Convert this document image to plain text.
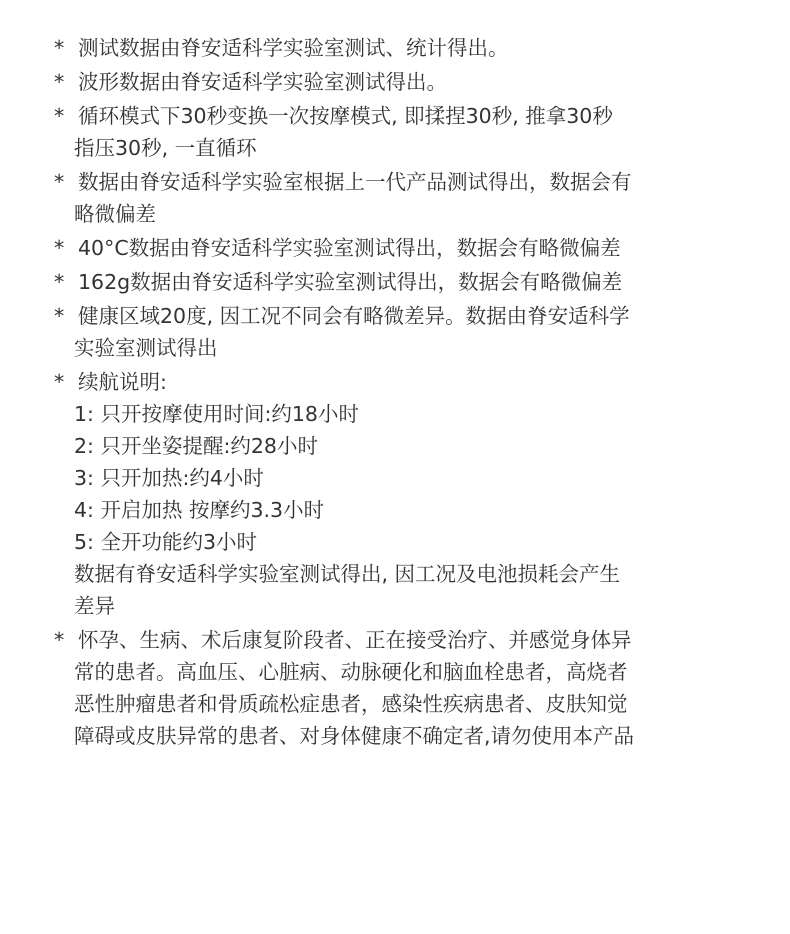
* 测试数据由脊安适科学实验室测试、统计得出。
* 波形数据由脊安适科学实验室测试得出。
* 循环模式下30秒变换一次按摩模式, 即揉捏30秒, 推拿30秒
指压30秒, 一直循环
* 数据由脊安适科学实验室根据上一代产品测试得出，数据会有
略微偏差
* 40°C数据由脊安适科学实验室测试得出，数据会有略微偏差
* 162g数据由脊安适科学实验室测试得出，数据会有略微偏差
* 健康区域20度, 因工况不同会有略微差异。数据由脊安适科学
实验室测试得出
* 续航说明:
1: 只开按摩使用时间:约18小时
2: 只开坐姿提醒:约28小时
3: 只开加热:约4小时
4: 开启加热 按摩约3.3小时
5: 全开功能约3小时
数据有脊安适科学实验室测试得出, 因工况及电池损耗会产生
差异
* 怀孕、生病、术后康复阶段者、正在接受治疗、并感觉身体异
常的患者。高血压、心脏病、动脉硬化和脑血栓患者，高烧者
恶性肿瘤患者和骨质疏松症患者，感染性疾病患者、皮肤知觉
障碍或皮肤异常的患者、对身体健康不确定者,请勿使用本产品
